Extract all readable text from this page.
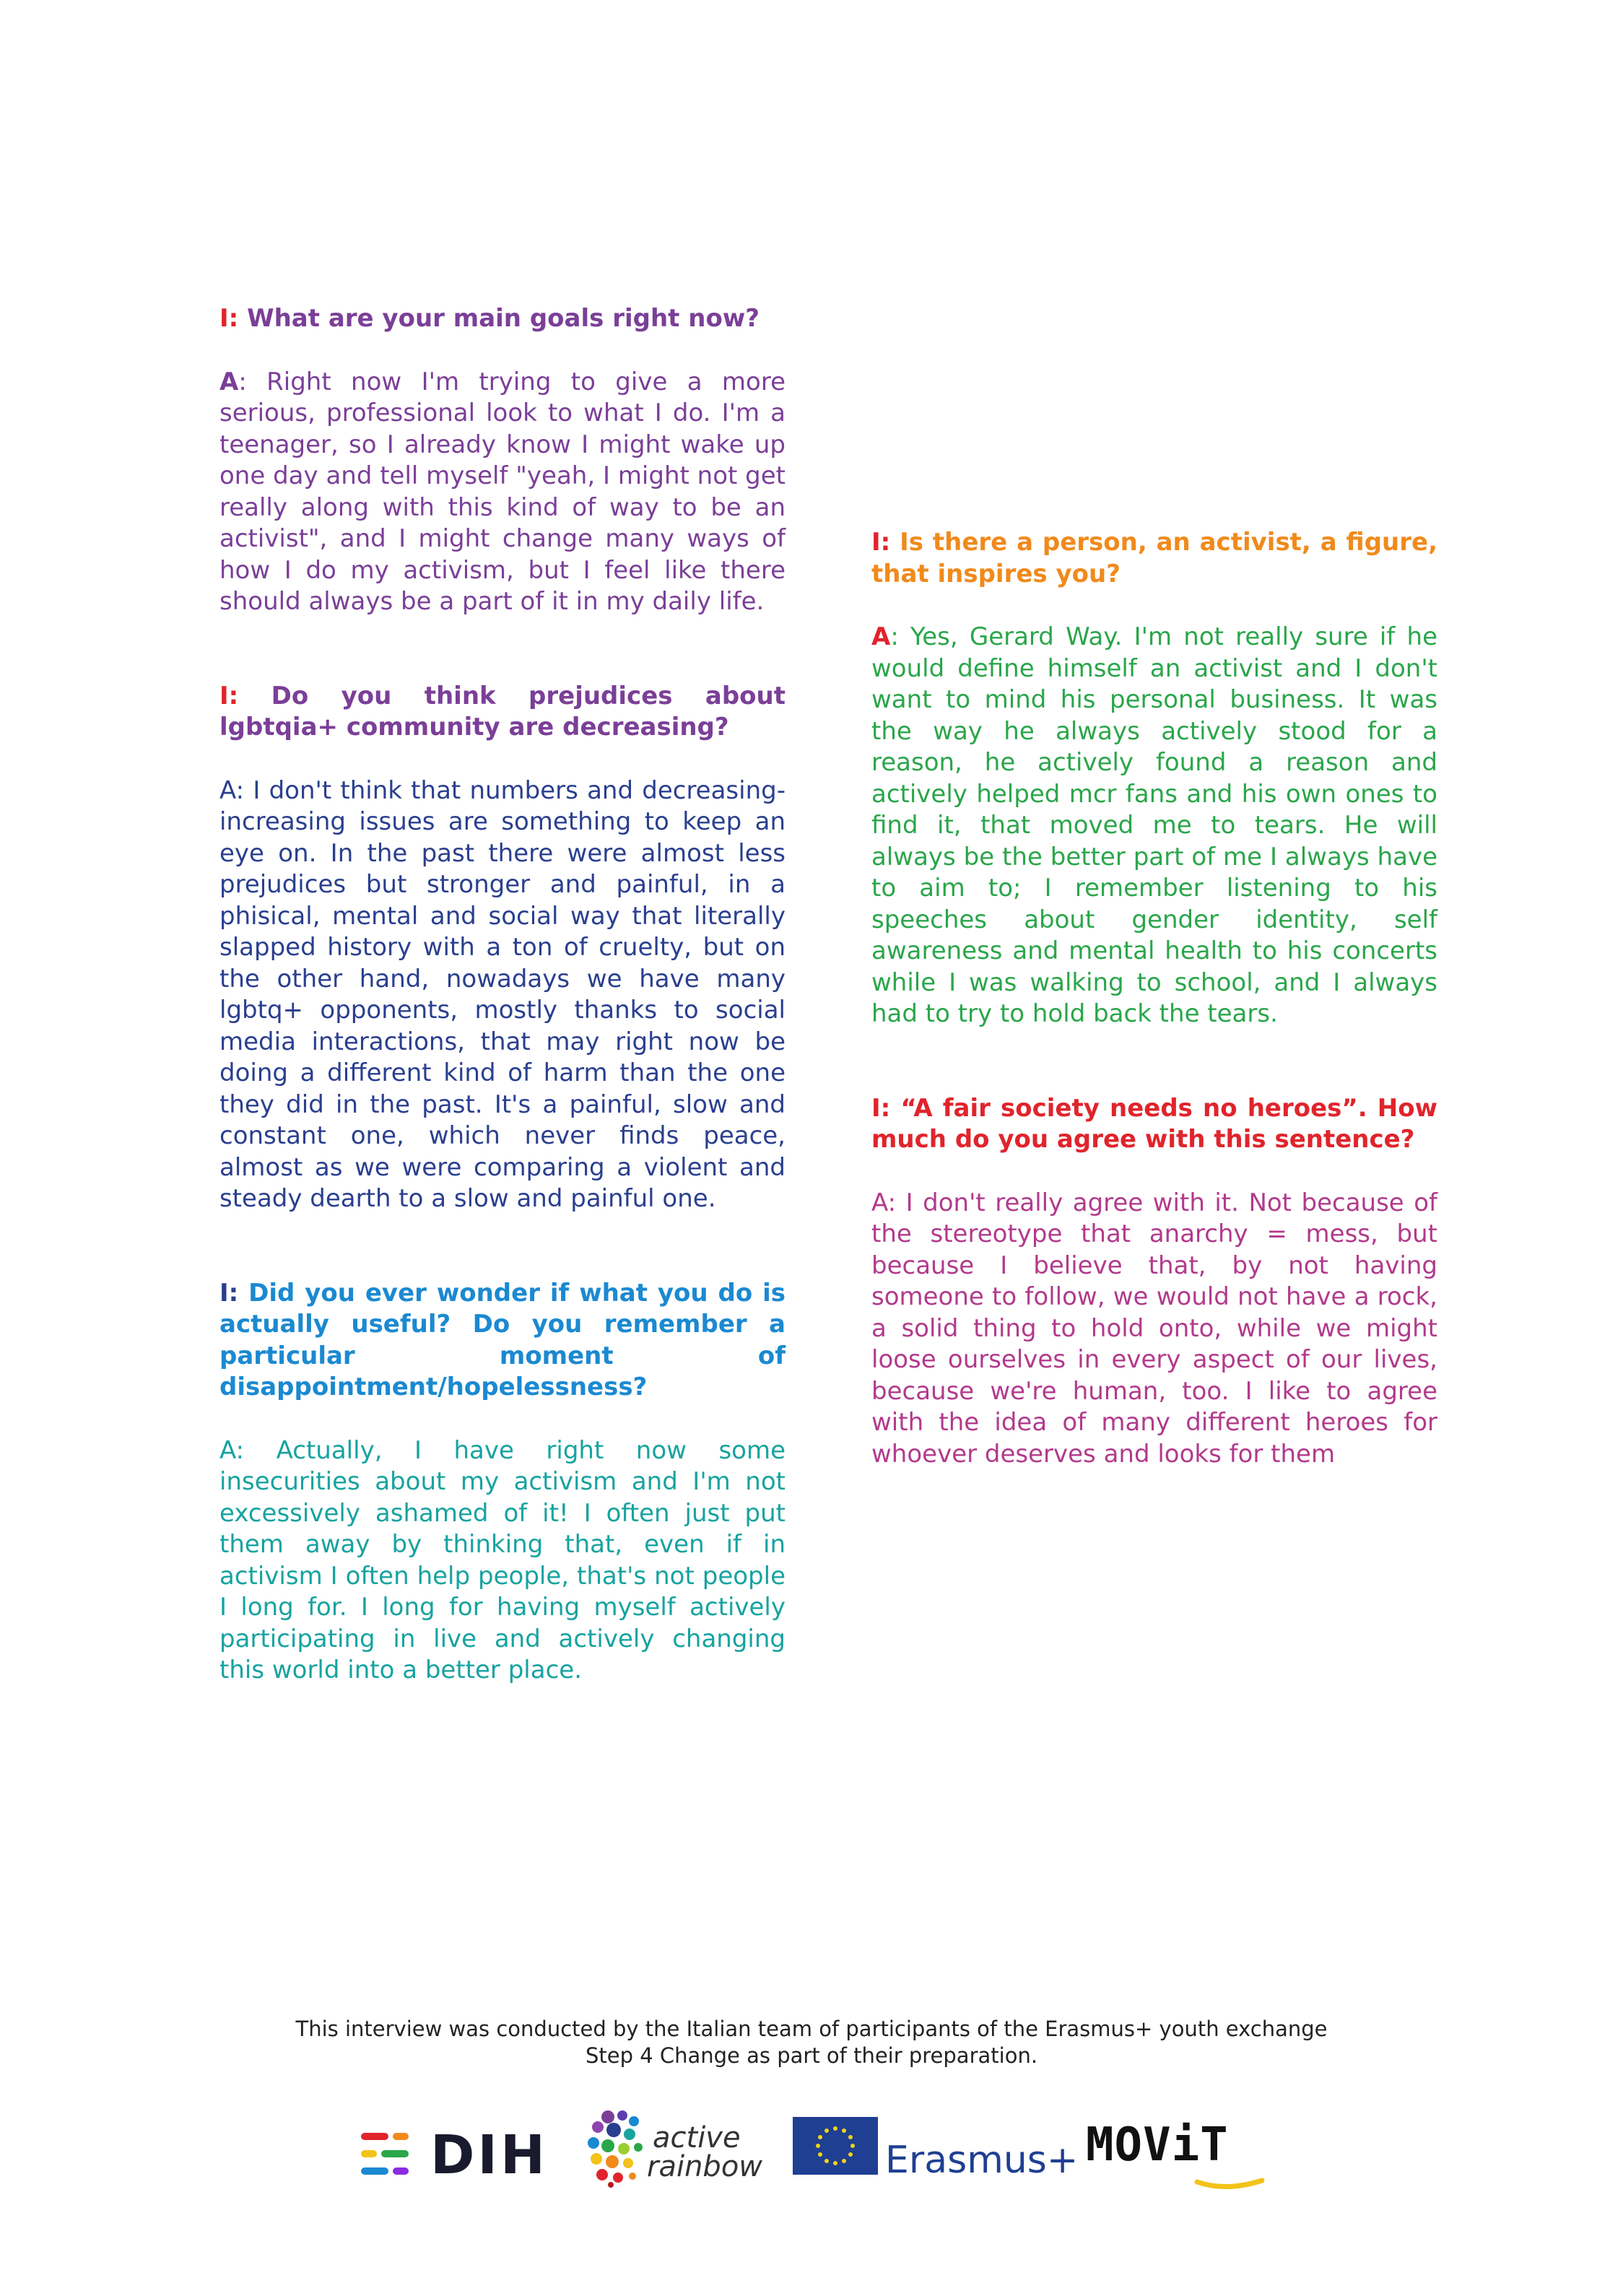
I: What are your main goals right now?

A: Right now I'm trying to give a more serious, professional look to what I do. I'm a teenager, so I already know I might wake up one day and tell myself "yeah, I might not get really along with this kind of way to be an activist", and I might change many ways of how I do my activism, but I feel like there should always be a part of it in my daily life.

I: Do you think prejudices about lgbtqia+ community are decreasing?

A: I don't think that numbers and decreasing-increasing issues are something to keep an eye on. In the past there were almost less prejudices but stronger and painful, in a phisical, mental and social way that literally slapped history with a ton of cruelty, but on the other hand, nowadays we have many lgbtq+ opponents, mostly thanks to social media interactions, that may right now be doing a different kind of harm than the one they did in the past. It's a painful, slow and constant one, which never finds peace, almost as we were comparing a violent and steady dearth to a slow and painful one.

I: Did you ever wonder if what you do is actually useful? Do you remember a particular moment of disappointment/hopelessness?

A: Actually, I have right now some insecurities about my activism and I'm not excessively ashamed of it! I often just put them away by thinking that, even if in activism I often help people, that's not people I long for. I long for having myself actively participating in live and actively changing this world into a better place.

I: Is there a person, an activist, a figure, that inspires you?

A: Yes, Gerard Way. I'm not really sure if he would define himself an activist and I don't want to mind his personal business. It was the way he always actively stood for a reason, he actively found a reason and actively helped mcr fans and his own ones to find it, that moved me to tears. He will always be the better part of me I always have to aim to; I remember listening to his speeches about gender identity, self awareness and mental health to his concerts while I was walking to school, and I always had to try to hold back the tears.

I: “A fair society needs no heroes”. How much do you agree with this sentence?

A: I don't really agree with it. Not because of the stereotype that anarchy = mess, but because I believe that, by not having someone to follow, we would not have a rock, a solid thing to hold onto, while we might loose ourselves in every aspect of our lives, because we're human, too. I like to agree with the idea of many different heroes for whoever deserves and looks for them

This interview was conducted by the Italian team of participants of the Erasmus+ youth exchange
Step 4 Change as part of their preparation.
DIH	active
rainbow	Erasmus+ MOViT
